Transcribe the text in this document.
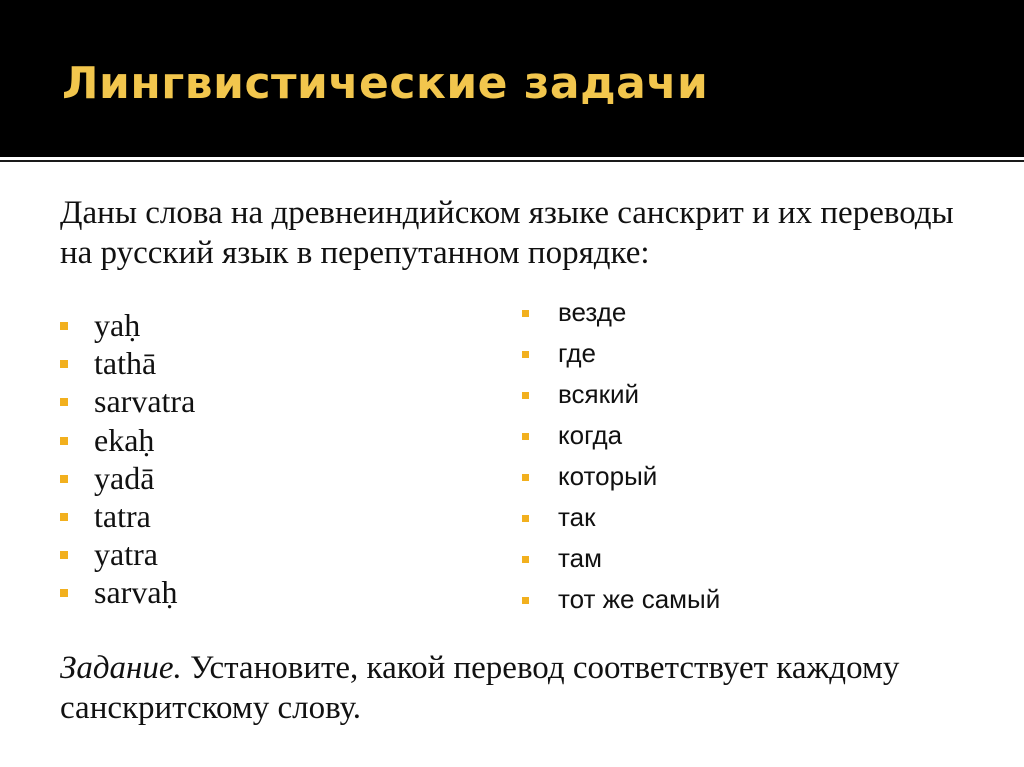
Лингвистические задачи
Даны слова на древнеиндийском языке санскрит и их переводы на русский язык в перепутанном порядке:
yaḥ
tathā
sarvatra
ekaḥ
yadā
tatra
yatra
sarvaḥ
везде
где
всякий
когда
который
так
там
тот же самый
Задание. Установите, какой перевод соответствует каждому санскритскому слову.
